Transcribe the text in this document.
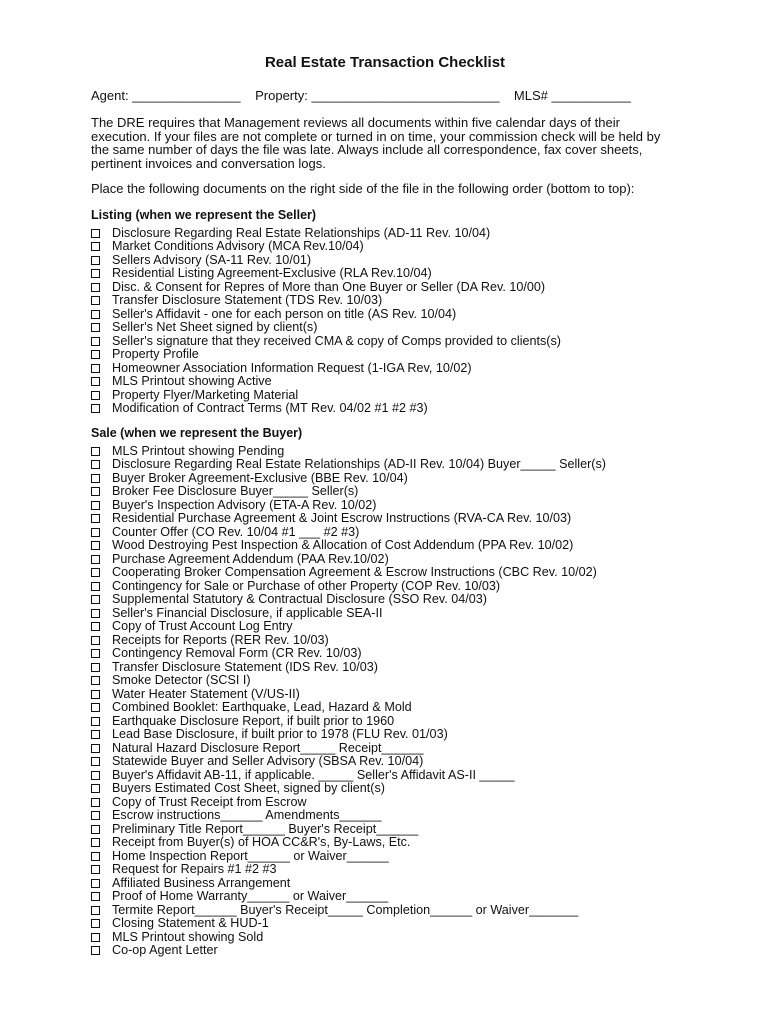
Real Estate Transaction Checklist
Agent: _______________ Property: __________________________ MLS# ___________

The DRE requires that Management reviews all documents within five calendar days of their execution. If your files are not complete or turned in on time, your commission check will be held by the same number of days the file was late. Always include all correspondence, fax cover sheets, pertinent invoices and conversation logs.

Place the following documents on the right side of the file in the following order (bottom to top):

Listing (when we represent the Seller)
Disclosure Regarding Real Estate Relationships (AD-11 Rev. 10/04)
Market Conditions Advisory (MCA Rev.10/04)
Sellers Advisory (SA-11 Rev. 10/01)
Residential Listing Agreement-Exclusive (RLA Rev.10/04)
Disc. & Consent for Repres of More than One Buyer or Seller (DA Rev. 10/00)
Transfer Disclosure Statement (TDS Rev. 10/03)
Seller's Affidavit - one for each person on title (AS Rev. 10/04)
Seller's Net Sheet signed by client(s)
Seller's signature that they received CMA & copy of Comps provided to clients(s)
Property Profile
Homeowner Association Information Request (1-IGA Rev, 10/02)
MLS Printout showing Active
Property Flyer/Marketing Material
Modification of Contract Terms (MT Rev. 04/02 #1 #2 #3)
Sale (when we represent the Buyer)
MLS Printout showing Pending
Disclosure Regarding Real Estate Relationships (AD-II Rev. 10/04) Buyer_____ Seller(s)
Buyer Broker Agreement-Exclusive (BBE Rev. 10/04)
Broker Fee Disclosure Buyer_____ Seller(s)
Buyer's Inspection Advisory (ETA-A Rev. 10/02)
Residential Purchase Agreement & Joint Escrow Instructions (RVA-CA Rev. 10/03)
Counter Offer (CO Rev. 10/04 #1 ___ #2 #3)
Wood Destroying Pest Inspection & Allocation of Cost Addendum (PPA Rev. 10/02)
Purchase Agreement Addendum (PAA Rev.10/02)
Cooperating Broker Compensation Agreement & Escrow Instructions (CBC Rev. 10/02)
Contingency for Sale or Purchase of other Property (COP Rev. 10/03)
Supplemental Statutory & Contractual Disclosure (SSO Rev. 04/03)
Seller's Financial Disclosure, if applicable SEA-II
Copy of Trust Account Log Entry
Receipts for Reports (RER Rev. 10/03)
Contingency Removal Form (CR Rev. 10/03)
Transfer Disclosure Statement (IDS Rev. 10/03)
Smoke Detector (SCSI I)
Water Heater Statement (V/US-II)
Combined Booklet: Earthquake, Lead, Hazard & Mold
Earthquake Disclosure Report, if built prior to 1960
Lead Base Disclosure, if built prior to 1978 (FLU Rev. 01/03)
Natural Hazard Disclosure Report_____ Receipt______
Statewide Buyer and Seller Advisory (SBSA Rev. 10/04)
Buyer's Affidavit AB-11, if applicable. _____ Seller's Affidavit AS-II _____
Buyers Estimated Cost Sheet, signed by client(s)
Copy of Trust Receipt from Escrow
Escrow instructions______ Amendments______
Preliminary Title Report______ Buyer's Receipt______
Receipt from Buyer(s) of HOA CC&R's, By-Laws, Etc.
Home Inspection Report______ or Waiver______
Request for Repairs #1 #2 #3
Affiliated Business Arrangement
Proof of Home Warranty______ or Waiver______
Termite Report______ Buyer's Receipt_____ Completion______ or Waiver_______
Closing Statement & HUD-1
MLS Printout showing Sold
Co-op Agent Letter
